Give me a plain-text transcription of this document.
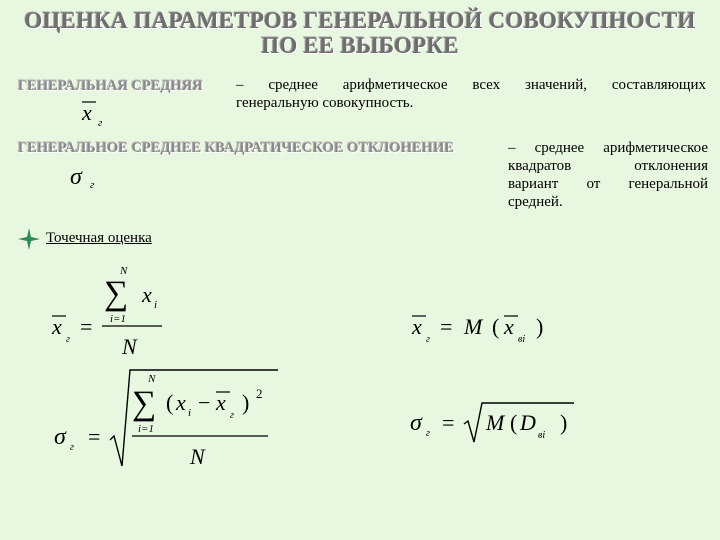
ОЦЕНКА ПАРАМЕТРОВ ГЕНЕРАЛЬНОЙ СОВОКУПНОСТИ
ПО ЕЕ ВЫБОРКЕ
ГЕНЕРАЛЬНАЯ СРЕДНЯЯ – среднее арифметическое всех значений, составляющих
генеральную совокупность.
x г
ГЕНЕРАЛЬНОЕ СРЕДНЕЕ КВАДРАТИЧЕСКОЕ ОТКЛОНЕНИЕ	– среднее арифметическое
квадратов отклонения
вариант от генеральной
средней.
σ г
Точечная оценка
x
г
=
N
∑ x i
i=1
N
x
г
= M ( x
вi
)
σ г =
N
∑ ( x i − x
г
) 2
i=1
N
σ г = M ( D
вi
)
